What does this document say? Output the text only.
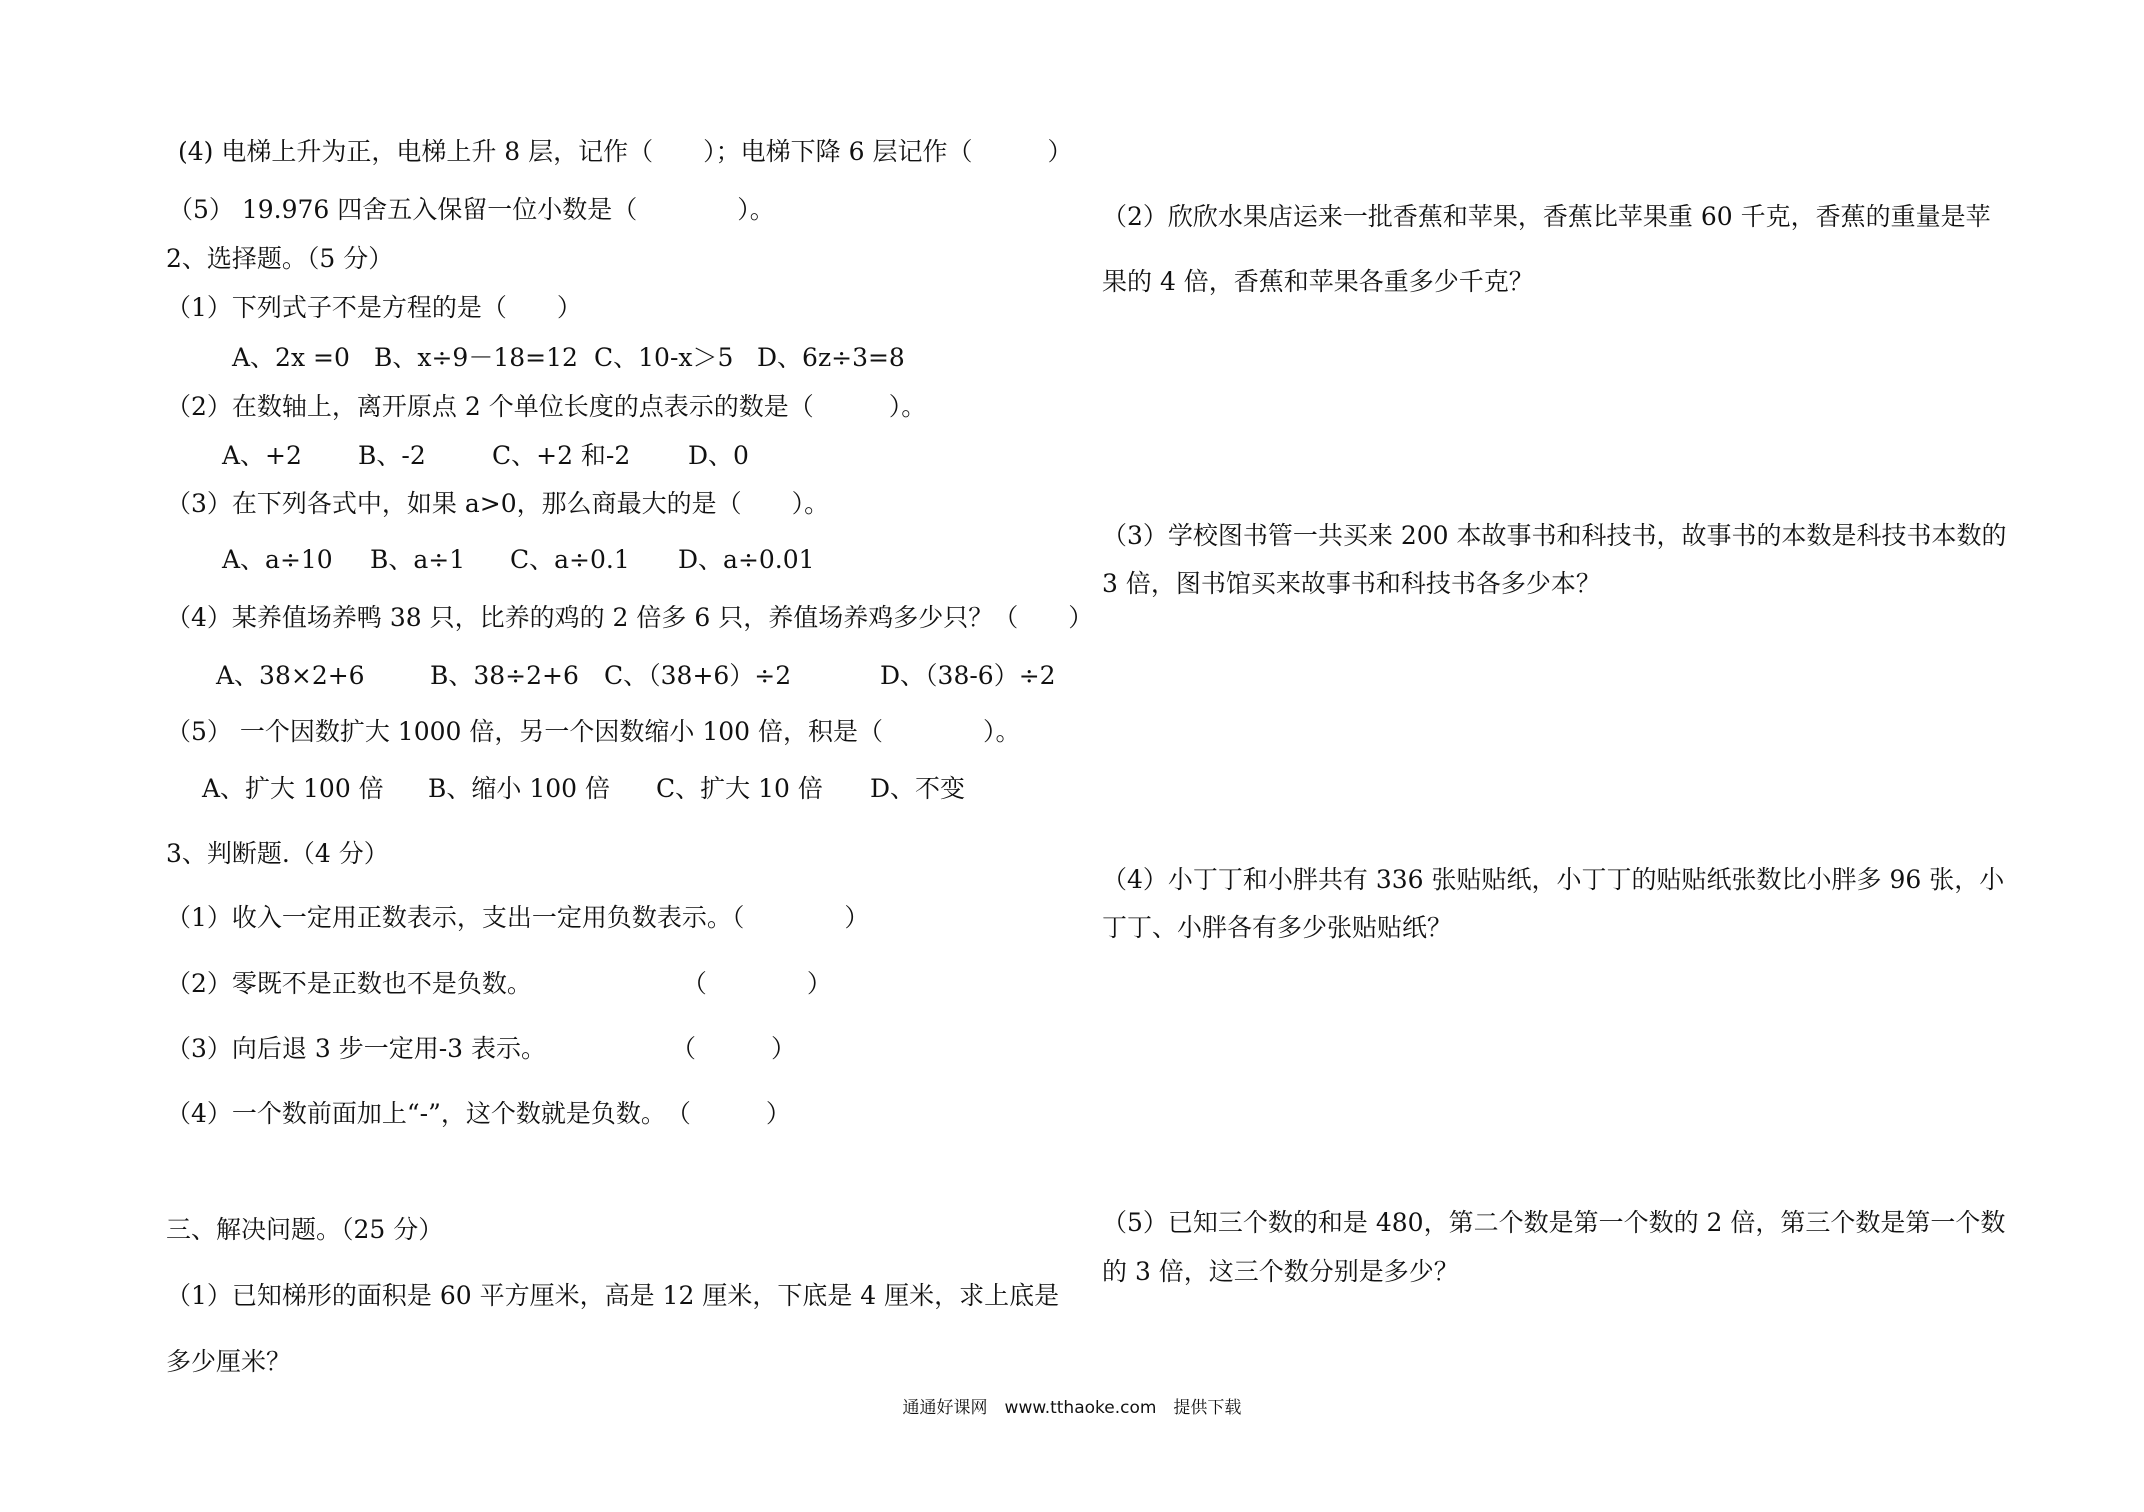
(4) 电梯上升为正，电梯上升 8 层，记作（　　）；电梯下降 6 层记作（　　　）
（5） 19.976 四舍五入保留一位小数是（　　　　）。
2、选择题。（5 分）
（1）下列式子不是方程的是（　　）

A、2x =0

B、x÷9－18=12

C、10-x＞5

D、6z÷3=8

（2）在数轴上，离开原点 2 个单位长度的点表示的数是（　　　）。

A、+2

B、-2

	C、+2 和-2

D、0

（3）在下列各式中，如果 a>0，那么商最大的是（　　）。

A、a÷10

B、a÷1

C、a÷0.1

D、a÷0.01

（4）某养值场养鸭 38 只，比养的鸡的 2 倍多 6 只，养值场养鸡多少只？（　　）

A、38×2+6

	B、38÷2+6

C、（38+6）÷2

	D、（38-6）÷2

（5） 一个因数扩大 1000 倍，另一个因数缩小 100 倍，积是（　　　　）。

A、扩大 100 倍

B、缩小 100 倍

C、扩大 10 倍

D、不变

3、判断题.（4 分）
（1）收入一定用正数表示，支出一定用负数表示。（　　　　）
（2）零既不是正数也不是负数。　　　　　　　（　　　　）
（3）向后退 3 步一定用-3 表示。　　　　　　（　　　）
（4）一个数前面加上“-”，这个数就是负数。　（　　　）
三、解决问题。（25 分）
（1）已知梯形的面积是 60 平方厘米，高是 12 厘米，下底是 4 厘米，求上底是
多少厘米？
（2）欣欣水果店运来一批香蕉和苹果，香蕉比苹果重 60 千克，香蕉的重量是苹
果的 4 倍，香蕉和苹果各重多少千克？
（3）学校图书管一共买来 200 本故事书和科技书，故事书的本数是科技书本数的
3 倍，图书馆买来故事书和科技书各多少本？
（4）小丁丁和小胖共有 336 张贴贴纸，小丁丁的贴贴纸张数比小胖多 96 张，小
丁丁、小胖各有多少张贴贴纸？
（5）已知三个数的和是 480，第二个数是第一个数的 2 倍，第三个数是第一个数
的 3 倍，这三个数分别是多少？
通通好课网　www.tthaoke.com　提供下载
